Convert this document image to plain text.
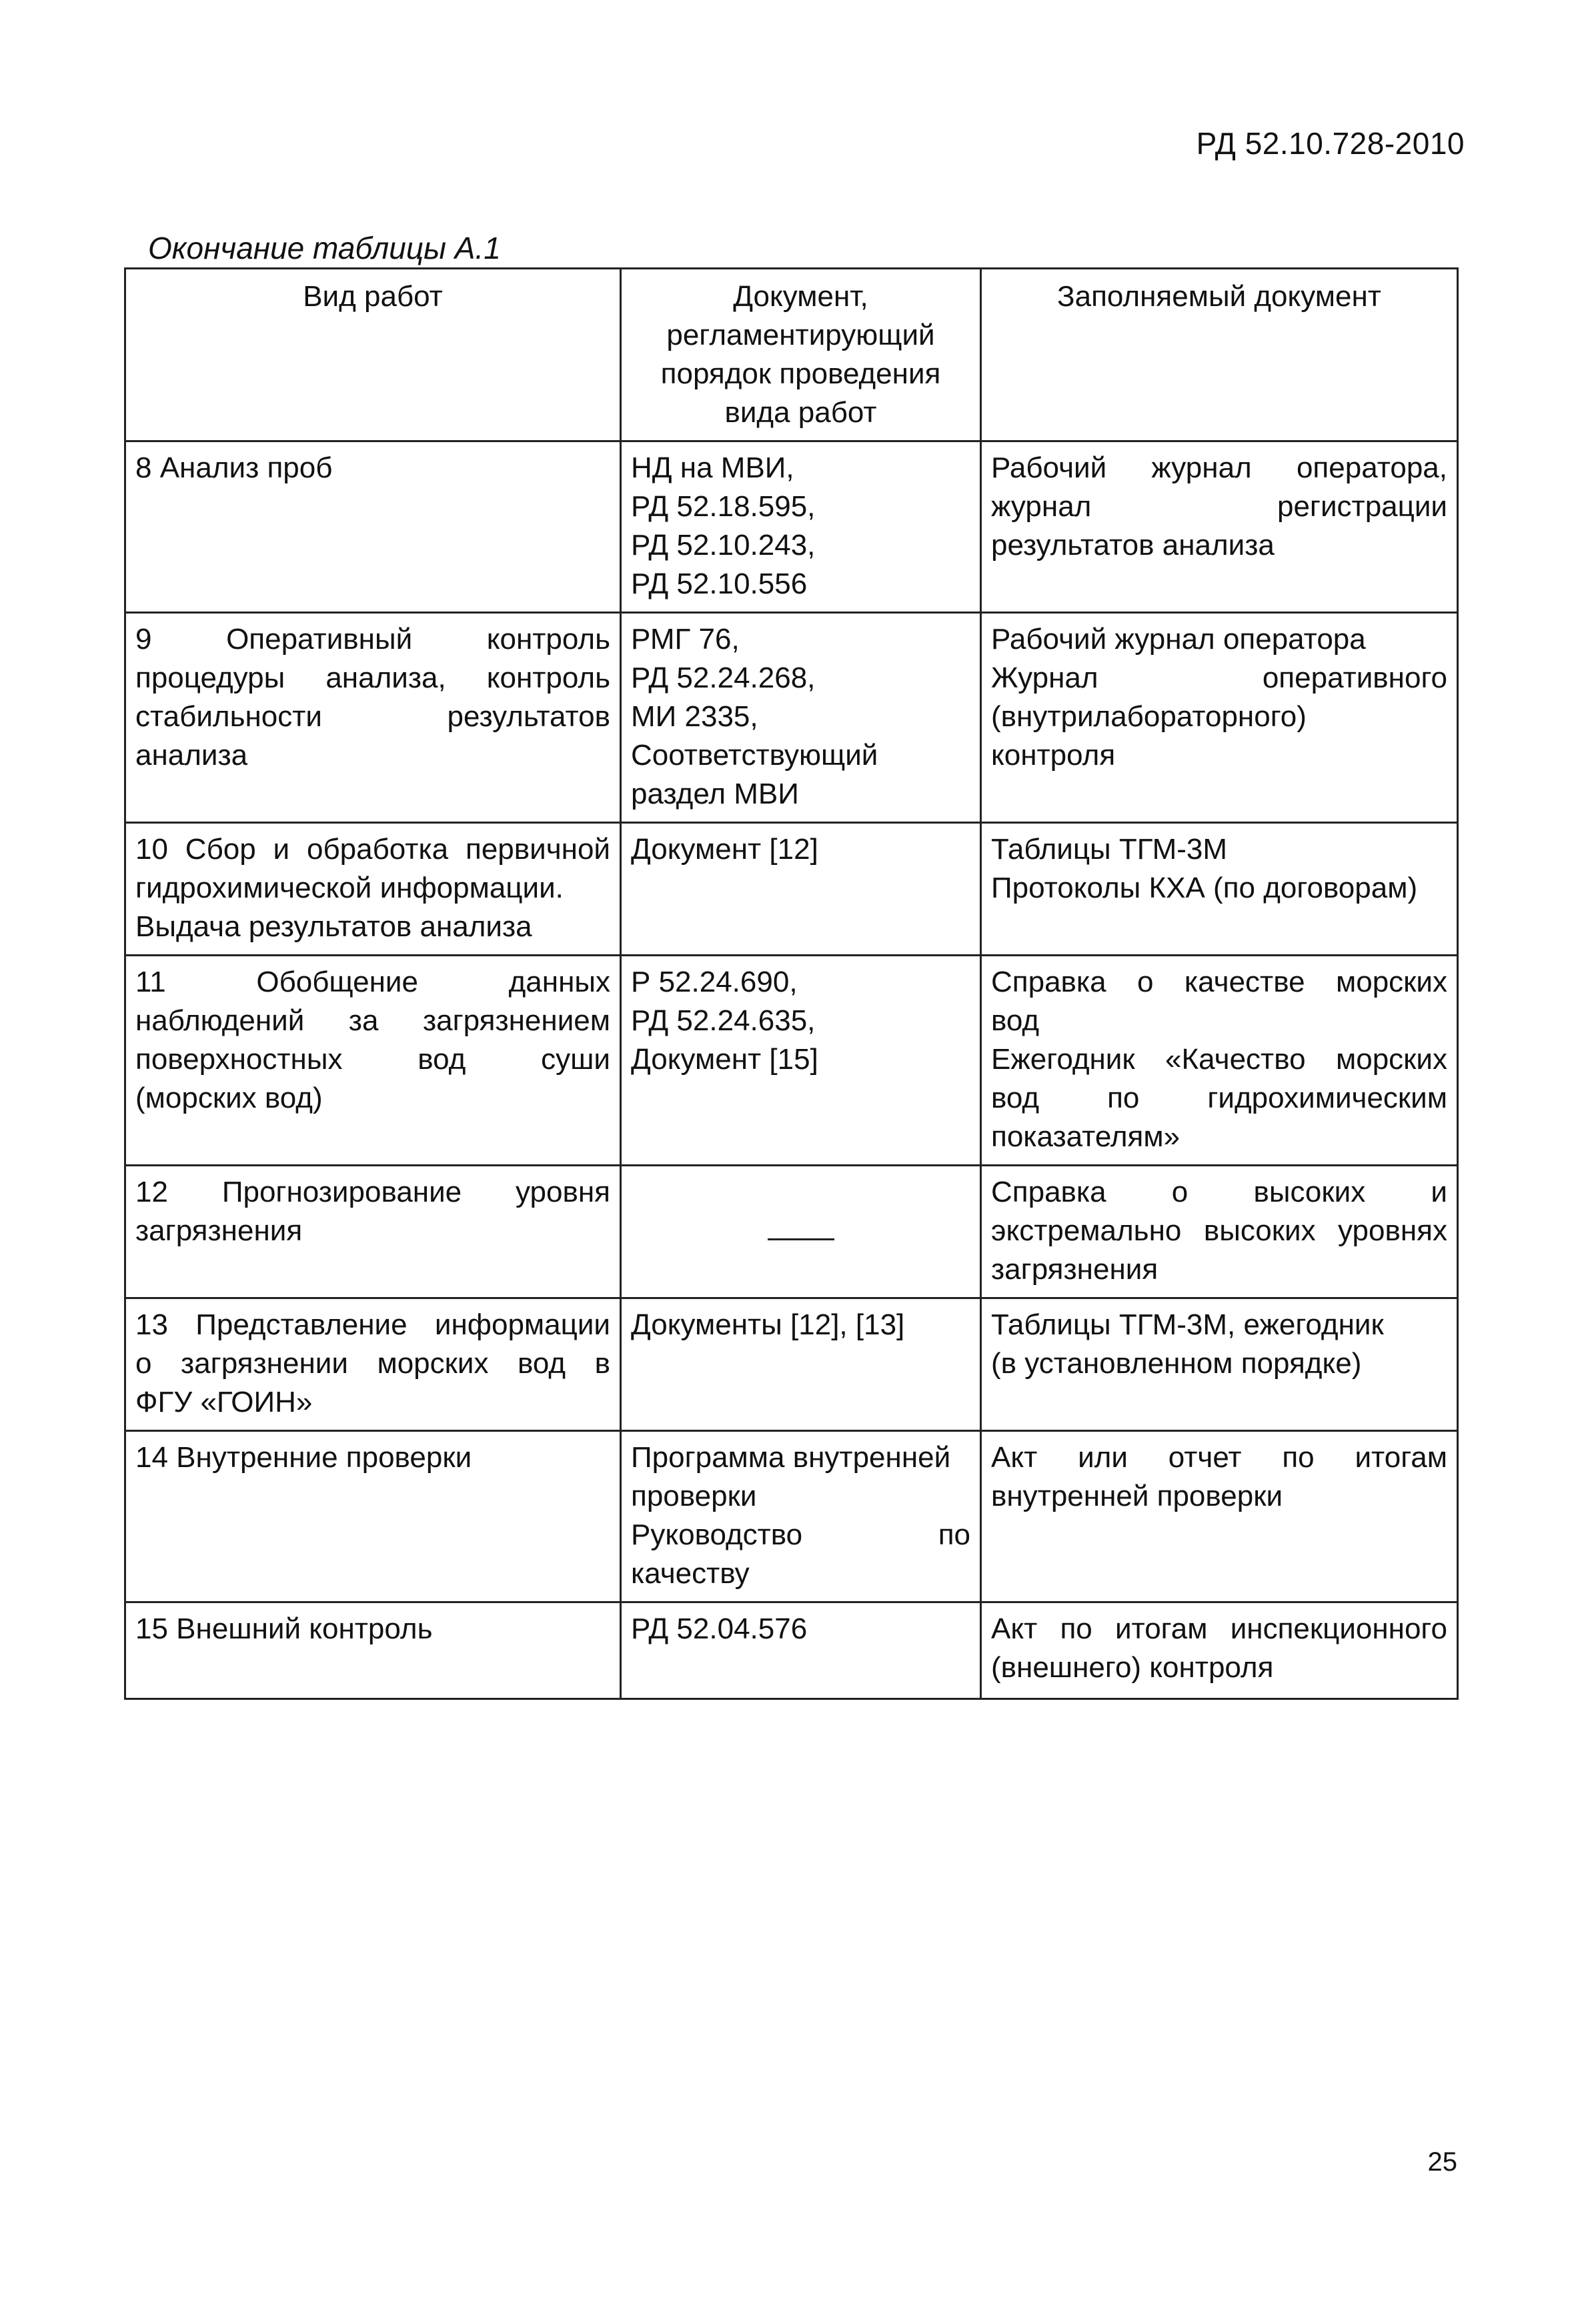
РД 52.10.728-2010
Окончание таблицы А.1
Вид работ	Документ,
регламентирующий
порядок проведения
вида работ	Заполняемый документ

8 Анализ проб	НД на МВИ,
РД 52.18.595,
РД 52.10.243,
РД 52.10.556	Рабочий журнал оператора,
журнал регистрации
результатов анализа

9 Оперативный контроль
процедуры анализа, контроль
стабильности результатов
анализа	РМГ 76,
РД 52.24.268,
МИ 2335,
Соответствующий
раздел МВИ	Рабочий журнал оператора
Журнал оперативного
(внутрилабораторного)
контроля

10 Сбор и обработка первичной
гидрохимической информации.
Выдача результатов анализа	Документ [12]	Таблицы ТГМ-3М
Протоколы КХА (по договорам)

11 Обобщение данных
наблюдений за загрязнением
поверхностных вод суши
(морских вод)	Р 52.24.690,
РД 52.24.635,
Документ [15]	Справка о качестве морских
вод
Ежегодник «Качество морских
вод по гидрохимическим
показателям»

12 Прогнозирование уровня
загрязнения		Справка о высоких и
экстремально высоких уровнях
загрязнения

13 Представление информации
о загрязнении морских вод в
ФГУ «ГОИН»	Документы [12], [13]	Таблицы ТГМ-3М, ежегодник
(в установленном порядке)

14 Внутренние проверки	Программа внутренней
проверки
Руководство по
качеству	Акт или отчет по итогам
внутренней проверки

15 Внешний контроль	РД 52.04.576	Акт по итогам инспекционного
(внешнего) контроля
25
